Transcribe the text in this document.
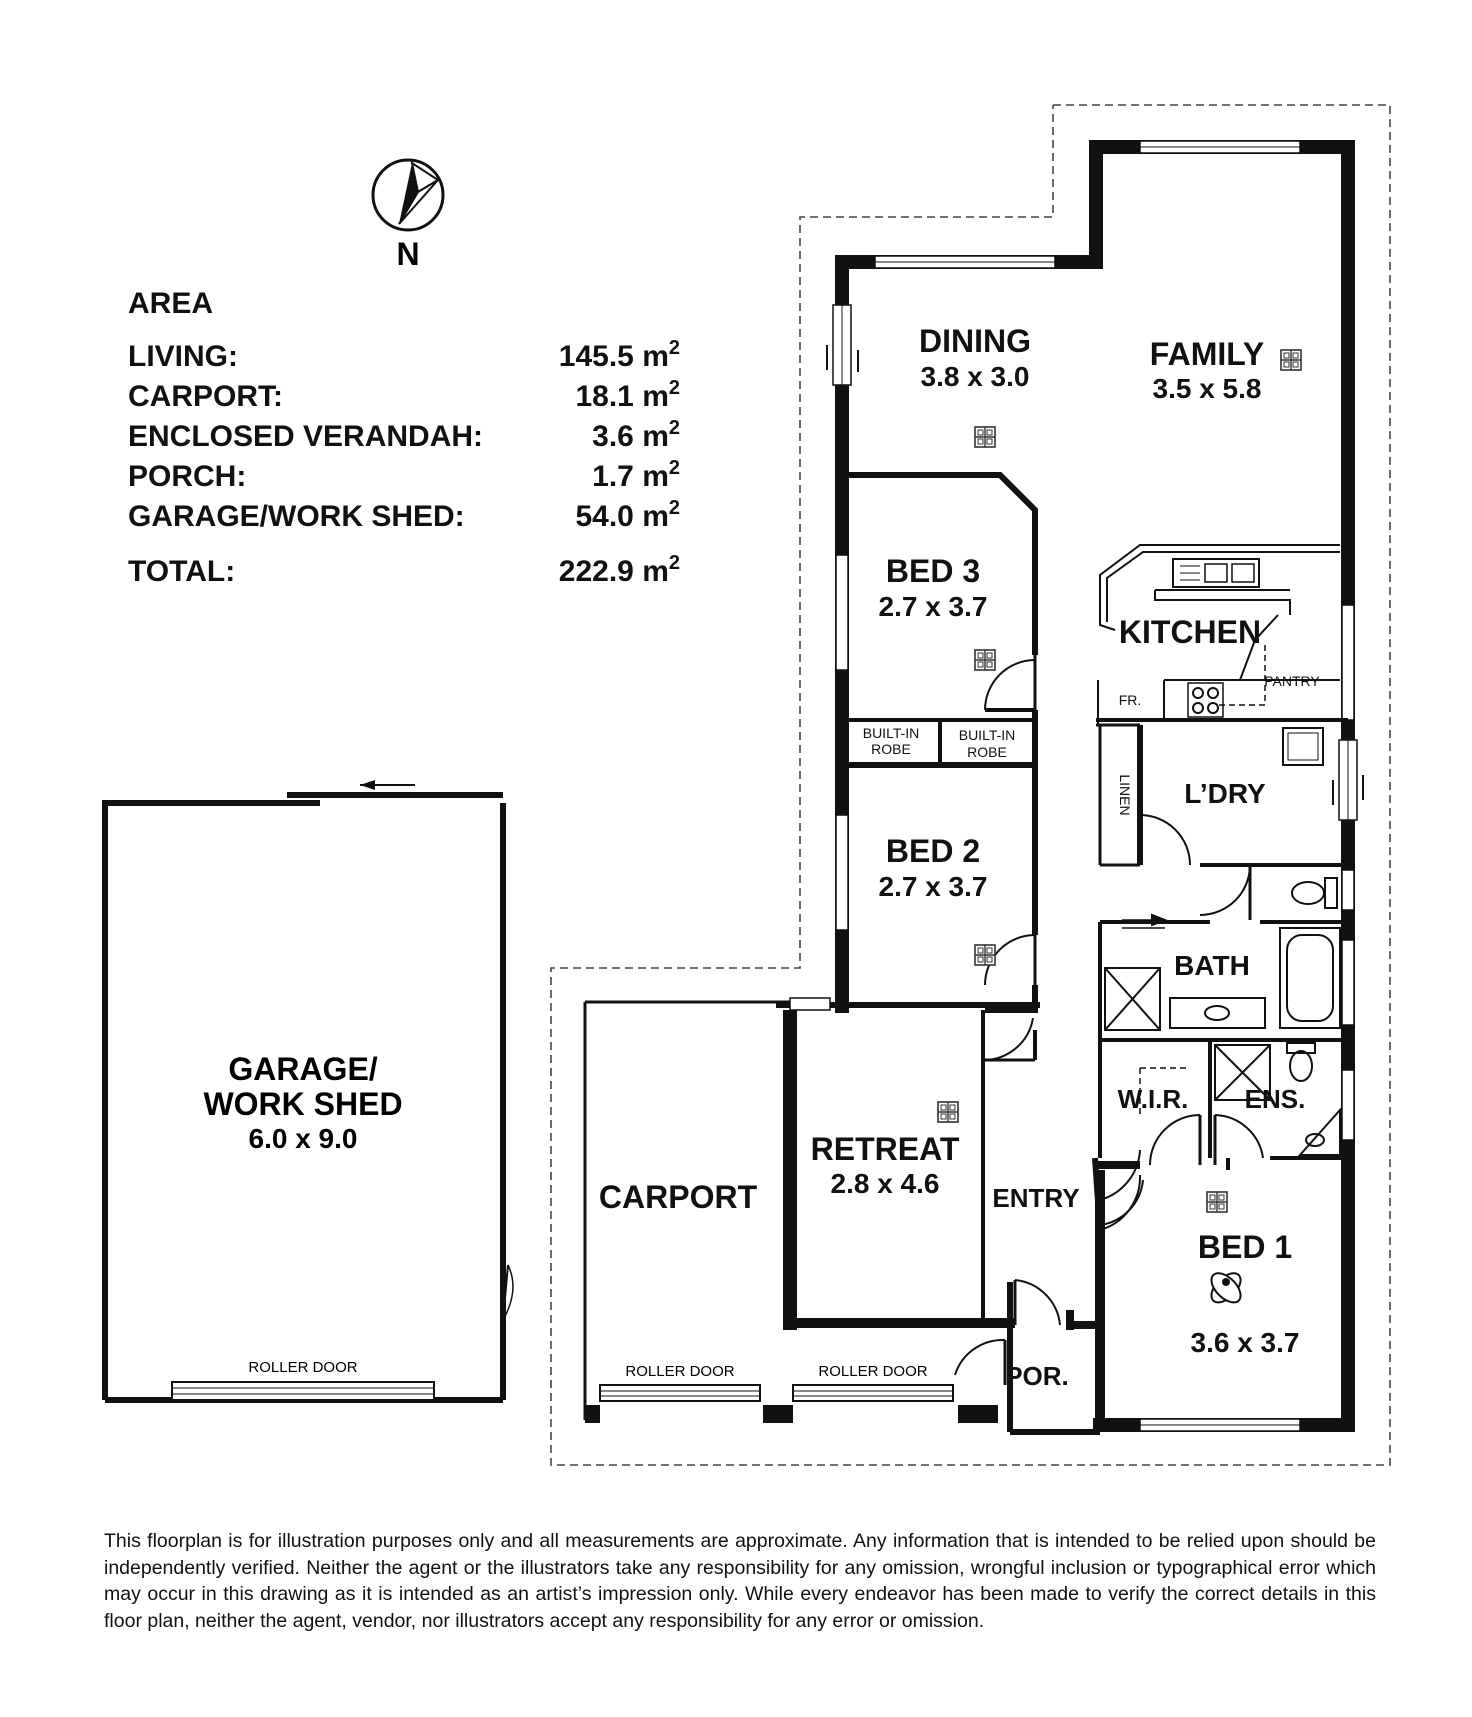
N
AREA
LIVING:
CARPORT:
ENCLOSED VERANDAH:
PORCH:
GARAGE/WORK SHED:
TOTAL:
145.5 $m^2$
18.1 $m^2$
3.6 $m^2$
1.7 $m^2$
54.0 $m^2$
222.9 $m^2$
ROLLER DOOR
GARAGE/
WORK SHED
6.0 x 9.0
ROLLER DOOR	ROLLER DOOR
DINING
3.8 x 3.0
FAMILY
3.5 x 5.8
BED 3
2.7 x 3.7
KITCHEN
BED 2
2.7 x 3.7
L’DRY
BATH
RETREAT
2.8 x 4.6
W.I.R. ENS.
CARPORT	ENTRY
BED 1
3.6 x 3.7
POR.
PANTRY
FR.
BUILT-IN
ROBE
BUILT-IN
ROBE
LINEN
This floorplan is for illustration purposes only and all measurements are approximate. Any information that is intended to be relied upon should be independently verified. Neither the agent or the illustrators take any responsibility for any omission, wrongful inclusion or typographical error which may occur in this drawing as it is intended as an artist’s impression only. While every endeavor has been made to verify the correct details in this floor plan, neither the agent, vendor, nor illustrators accept any responsibility for any error or omission.
